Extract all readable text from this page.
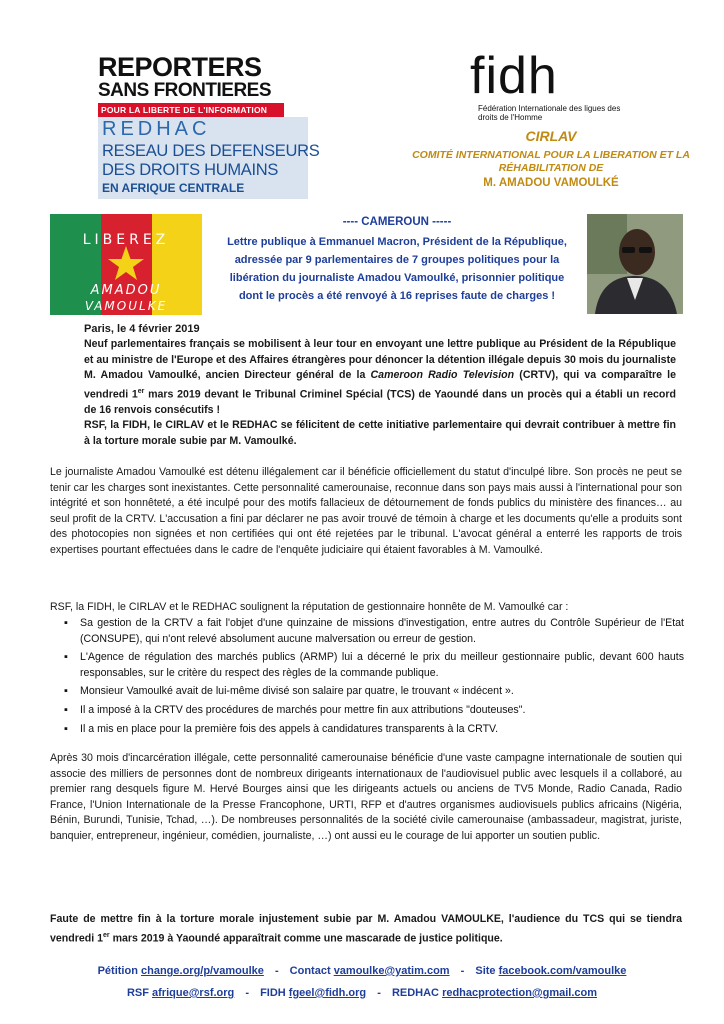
REPORTERS
SANS FRONTIERES
POUR LA LIBERTE DE L'INFORMATION
REDHAC
RESEAU DES DEFENSEURS
DES DROITS HUMAINS
EN AFRIQUE CENTRALE
fidh
Fédération Internationale des ligues des droits de l'Homme
CIRLAV
COMITÉ INTERNATIONAL POUR LA LIBERATION ET LA RÉHABILITATION DE
M. AMADOU VAMOULKÉ
LIBEREZ
AMADOU
VAMOULKE
---- CAMEROUN -----
Lettre publique à Emmanuel Macron, Président de la République,
adressée par 9 parlementaires de 7 groupes politiques pour la
libération du journaliste Amadou Vamoulké, prisonnier politique
dont le procès a été renvoyé à 16 reprises faute de charges !
Paris, le 4 février 2019
Neuf parlementaires français se mobilisent à leur tour en envoyant une lettre publique au Président de la République et au ministre de l'Europe et des Affaires étrangères pour dénoncer la détention illégale depuis 30 mois du journaliste M. Amadou Vamoulké, ancien Directeur général de la Cameroon Radio Television (CRTV), qui va comparaître le vendredi 1er mars 2019 devant le Tribunal Criminel Spécial (TCS) de Yaoundé dans un procès qui a établi un record de 16 renvois consécutifs !
RSF, la FIDH, le CIRLAV et le REDHAC se félicitent de cette initiative parlementaire qui devrait contribuer à mettre fin à la torture morale subie par M. Vamoulké.
Le journaliste Amadou Vamoulké est détenu illégalement car il bénéficie officiellement du statut d'inculpé libre. Son procès ne peut se tenir car les charges sont inexistantes. Cette personnalité camerounaise, reconnue dans son pays mais aussi à l'international pour son intégrité et son honnêteté, a été inculpé pour des motifs fallacieux de détournement de fonds publics du ministère des finances… au seul profit de la CRTV. L'accusation a fini par déclarer ne pas avoir trouvé de témoin à charge et les documents qu'elle a produits sont des photocopies non signées et non certifiées qui ont été rejetées par le tribunal. L'avocat général a enterré les rapports de trois expertises pourtant effectuées dans le cadre de l'enquête judiciaire qui étaient favorables à M. Vamoulké.
RSF, la FIDH, le CIRLAV et le REDHAC soulignent la réputation de gestionnaire honnête de M. Vamoulké car :
▪ Sa gestion de la CRTV a fait l'objet d'une quinzaine de missions d'investigation, entre autres du Contrôle Supérieur de l'Etat (CONSUPE), qui n'ont relevé absolument aucune malversation ou erreur de gestion.
▪ L'Agence de régulation des marchés publics (ARMP) lui a décerné le prix du meilleur gestionnaire public, devant 600 hauts responsables, sur le critère du respect des règles de la commande publique.
▪ Monsieur Vamoulké avait de lui-même divisé son salaire par quatre, le trouvant « indécent ».
▪ Il a imposé à la CRTV des procédures de marchés pour mettre fin aux attributions "douteuses".
▪ Il a mis en place pour la première fois des appels à candidatures transparents à la CRTV.
Après 30 mois d'incarcération illégale, cette personnalité camerounaise bénéficie d'une vaste campagne internationale de soutien qui associe des milliers de personnes dont de nombreux dirigeants internationaux de l'audiovisuel public avec lesquels il a collaboré, au premier rang desquels figure M. Hervé Bourges ainsi que les dirigeants actuels ou anciens de TV5 Monde, Radio Canada, Radio France, l'Union Internationale de la Presse Francophone, URTI, RFP et d'autres organismes audiovisuels publics africains (Nigéria, Bénin, Burundi, Tunisie, Tchad, …). De nombreuses personnalités de la société civile camerounaise (ambassadeur, magistrat, juriste, banquier, entrepreneur, ingénieur, comédien, journaliste, …) ont aussi eu le courage de lui apporter un soutien public.
Faute de mettre fin à la torture morale injustement subie par M. Amadou VAMOULKE, l'audience du TCS qui se tiendra vendredi 1er mars 2019 à Yaoundé apparaîtrait comme une mascarade de justice politique.
Pétition change.org/p/vamoulke - Contact vamoulke@yatim.com - Site facebook.com/vamoulke
RSF afrique@rsf.org - FIDH fgeel@fidh.org - REDHAC redhacprotection@gmail.com
